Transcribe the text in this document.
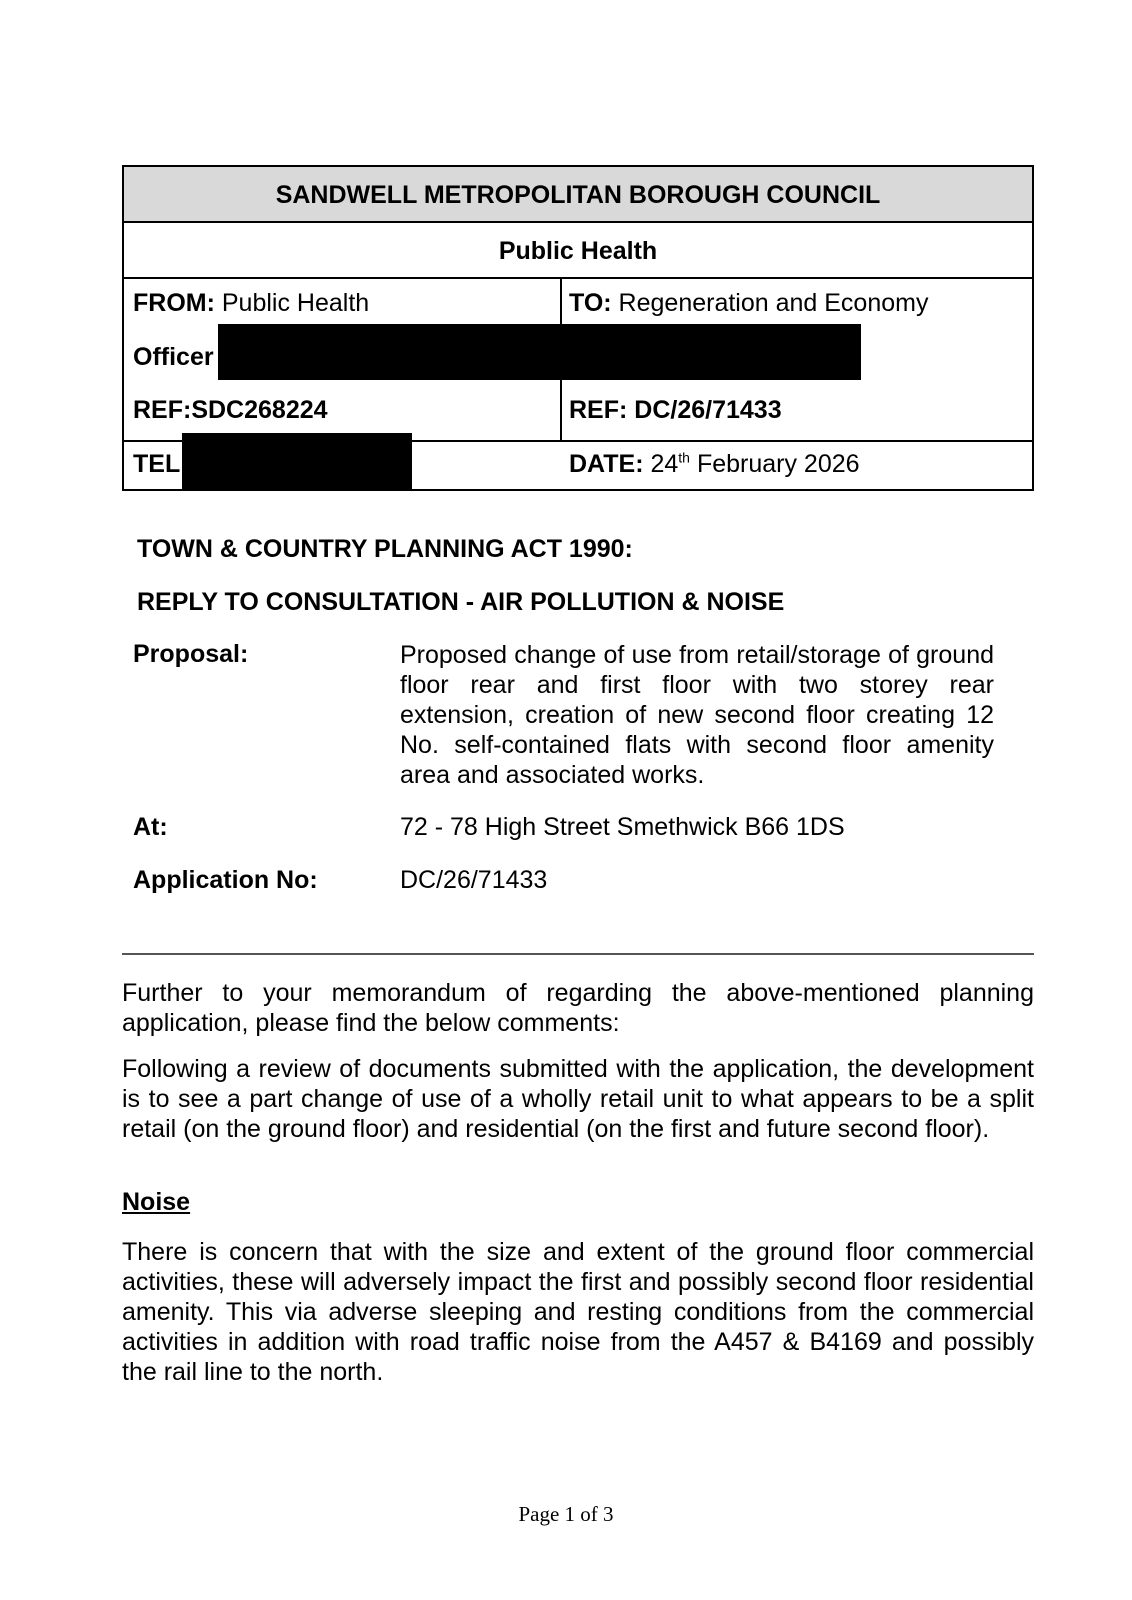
SANDWELL METROPOLITAN BOROUGH COUNCIL
Public Health
FROM: Public Health	TO: Regeneration and Economy
Officer
REF:SDC268224	REF: DC/26/71433
TEL	DATE: 24th February 2026
TOWN & COUNTRY PLANNING ACT 1990:
REPLY TO CONSULTATION - AIR POLLUTION & NOISE
Proposal:	Proposed change of use from retail/storage of ground floor rear and first floor with two storey rear extension, creation of new second floor creating 12 No. self-contained flats with second floor amenity area and associated works.
At:	72 - 78 High Street Smethwick B66 1DS
Application No:	DC/26/71433
Further to your memorandum of regarding the above-mentioned planning application, please find the below comments:
Following a review of documents submitted with the application, the development is to see a part change of use of a wholly retail unit to what appears to be a split retail (on the ground floor) and residential (on the first and future second floor).
Noise
There is concern that with the size and extent of the ground floor commercial activities, these will adversely impact the first and possibly second floor residential amenity. This via adverse sleeping and resting conditions from the commercial activities in addition with road traffic noise from the A457 & B4169 and possibly the rail line to the north.
Page 1 of 3
